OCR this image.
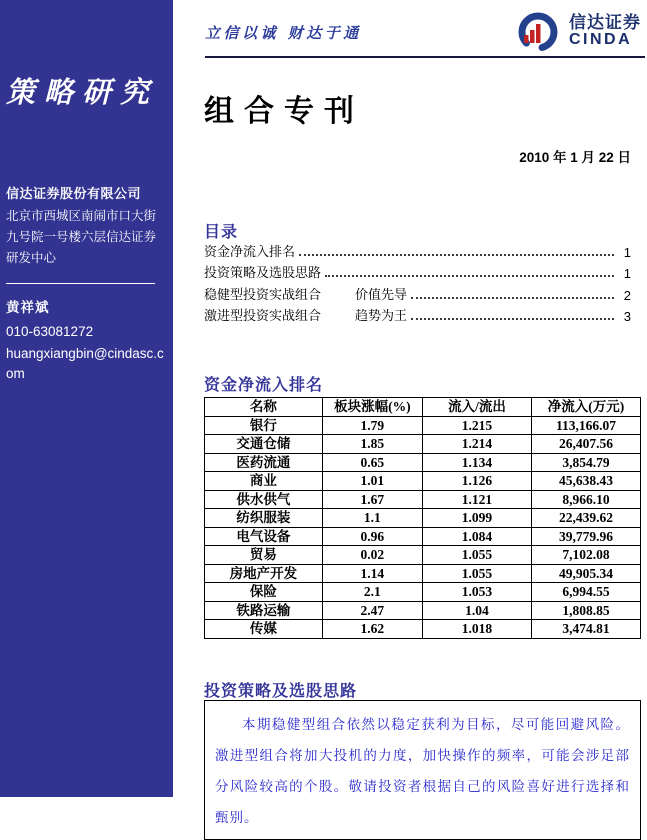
策略研究
信达证券股份有限公司
北京市西城区南闹市口大街
九号院一号楼六层信达证券
研发中心
黄祥斌
010-63081272
huangxiangbin@cindasc.com
立信以诚 财达于通
信达证券
CINDA
组合专刊
2010 年 1 月 22 日
目录
资金净流入排名	1
投资策略及选股思路	1
稳健型投资实战组合	价值先导	2
激进型投资实战组合	趋势为王	3
资金净流入排名
名称	板块涨幅(%)	流入/流出	净流入(万元)
银行	1.79	1.215	113,166.07
交通仓储	1.85	1.214	26,407.56
医药流通	0.65	1.134	3,854.79
商业	1.01	1.126	45,638.43
供水供气	1.67	1.121	8,966.10
纺织服装	1.1	1.099	22,439.62
电气设备	0.96	1.084	39,779.96
贸易	0.02	1.055	7,102.08
房地产开发	1.14	1.055	49,905.34
保险	2.1	1.053	6,994.55
铁路运输	2.47	1.04	1,808.85
传媒	1.62	1.018	3,474.81
投资策略及选股思路

本期稳健型组合依然以稳定获利为目标，尽可能回避风险。激进型组合将加大投机的力度，加快操作的频率，可能会涉足部分风险较高的个股。敬请投资者根据自己的风险喜好进行选择和甄别。
